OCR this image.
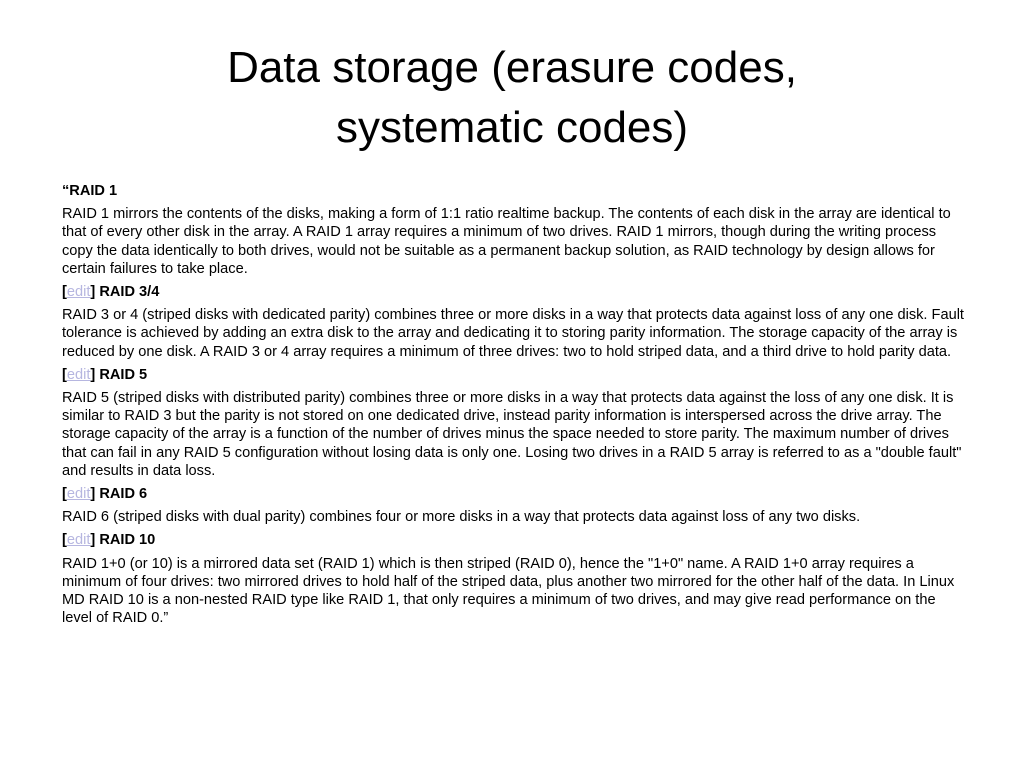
Data storage (erasure codes,
systematic codes)

“RAID 1

RAID 1 mirrors the contents of the disks, making a form of 1:1 ratio realtime backup. The contents of each disk in the array are identical to that of every other disk in the array. A RAID 1 array requires a minimum of two drives. RAID 1 mirrors, though during the writing process copy the data identically to both drives, would not be suitable as a permanent backup solution, as RAID technology by design allows for certain failures to take place.

[edit] RAID 3/4

RAID 3 or 4 (striped disks with dedicated parity) combines three or more disks in a way that protects data against loss of any one disk. Fault tolerance is achieved by adding an extra disk to the array and dedicating it to storing parity information. The storage capacity of the array is reduced by one disk. A RAID 3 or 4 array requires a minimum of three drives: two to hold striped data, and a third drive to hold parity data.

[edit] RAID 5

RAID 5 (striped disks with distributed parity) combines three or more disks in a way that protects data against the loss of any one disk. It is similar to RAID 3 but the parity is not stored on one dedicated drive, instead parity information is interspersed across the drive array. The storage capacity of the array is a function of the number of drives minus the space needed to store parity. The maximum number of drives that can fail in any RAID 5 configuration without losing data is only one. Losing two drives in a RAID 5 array is referred to as a "double fault" and results in data loss.

[edit] RAID 6

RAID 6 (striped disks with dual parity) combines four or more disks in a way that protects data against loss of any two disks.

[edit] RAID 10

RAID 1+0 (or 10) is a mirrored data set (RAID 1) which is then striped (RAID 0), hence the "1+0" name. A RAID 1+0 array requires a minimum of four drives: two mirrored drives to hold half of the striped data, plus another two mirrored for the other half of the data. In Linux MD RAID 10 is a non-nested RAID type like RAID 1, that only requires a minimum of two drives, and may give read performance on the level of RAID 0.”
